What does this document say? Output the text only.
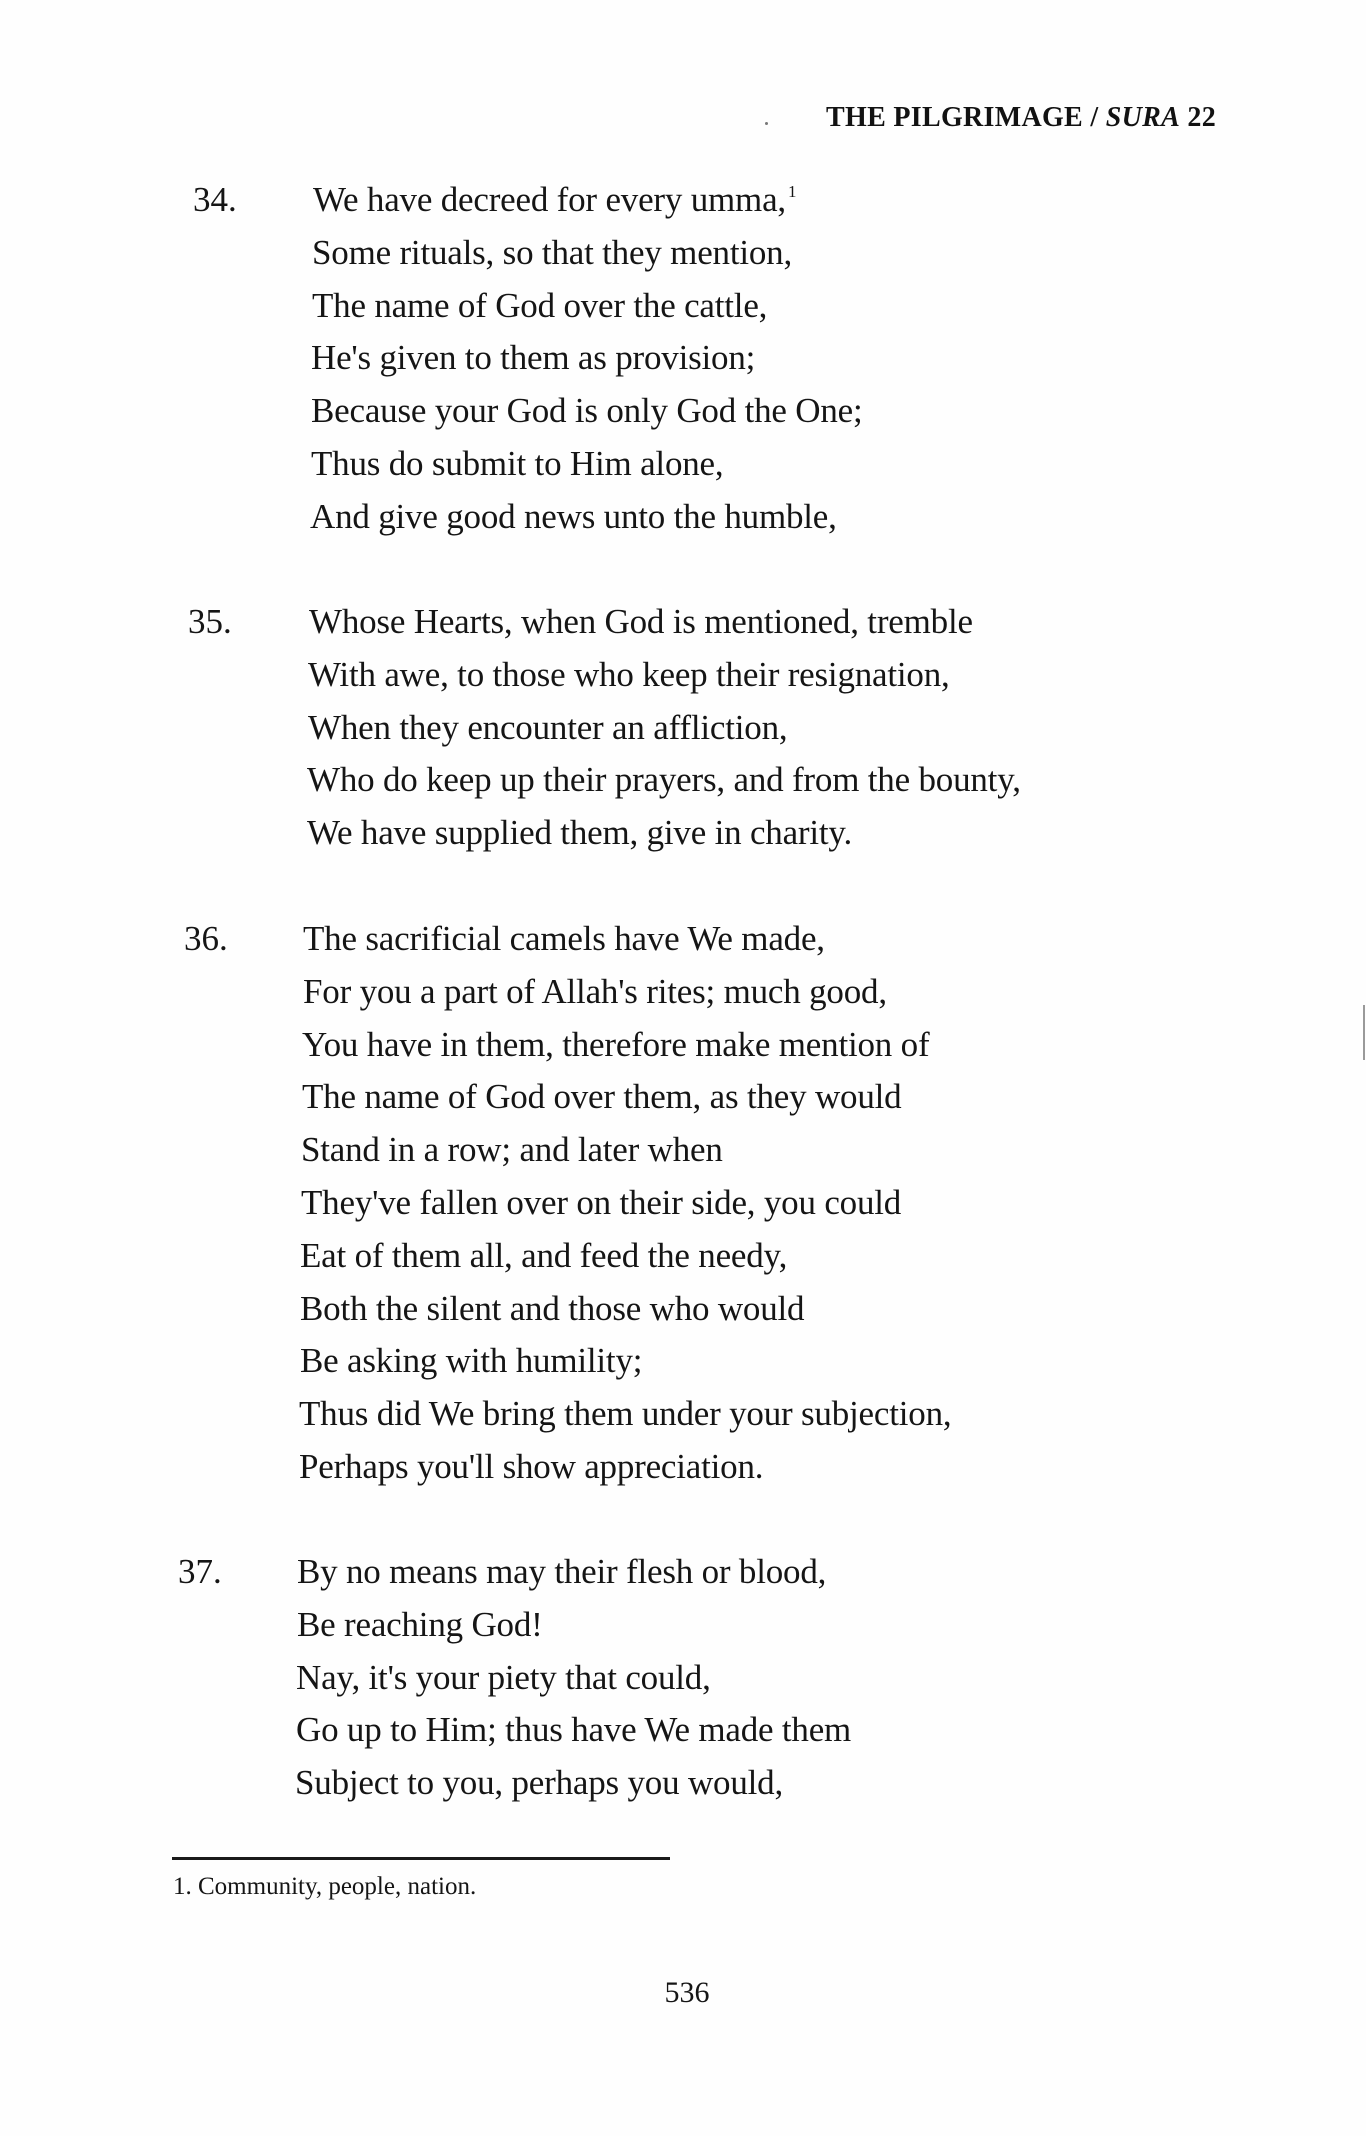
THE PILGRIMAGE / SURA 22
34. We have decreed for every umma, $^1$
Some rituals, so that they mention,
The name of God over the cattle,
He's given to them as provision;
Because your God is only God the One;
Thus do submit to Him alone,
And give good news unto the humble,
35. Whose Hearts, when God is mentioned, tremble
With awe, to those who keep their resignation,
When they encounter an affliction,
Who do keep up their prayers, and from the bounty,
We have supplied them, give in charity.
36. The sacrificial camels have We made,
For you a part of Allah's rites; much good,
You have in them, therefore make mention of
The name of God over them, as they would
Stand in a row; and later when
They've fallen over on their side, you could
Eat of them all, and feed the needy,
Both the silent and those who would
Be asking with humility;
Thus did We bring them under your subjection,
Perhaps you'll show appreciation.
37. By no means may their flesh or blood,
Be reaching God!
Nay, it's your piety that could,
Go up to Him; thus have We made them
Subject to you, perhaps you would,
1. Community, people, nation.
536
